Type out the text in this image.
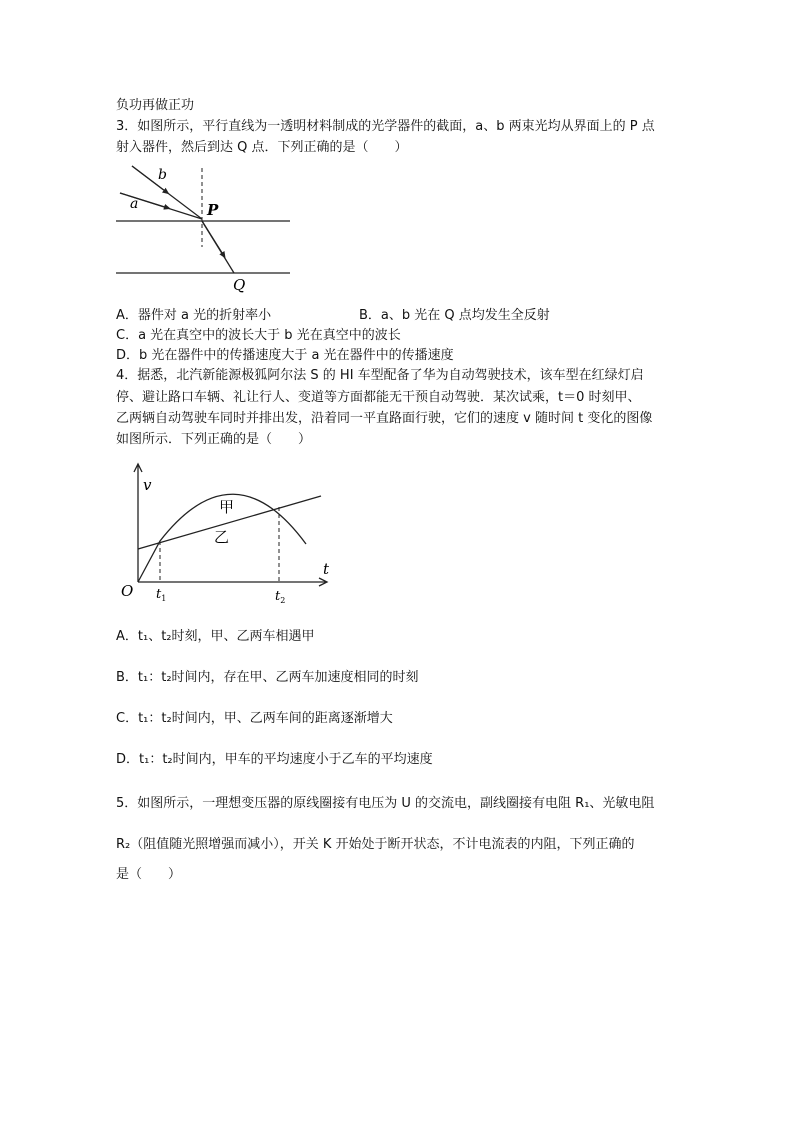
负功再做正功
3．如图所示，平行直线为一透明材料制成的光学器件的截面，a、b 两束光均从界面上的 P 点
射入器件，然后到达 Q 点．下列正确的是（　　）
b
a	P
Q
A．器件对 a 光的折射率小	B．a、b 光在 Q 点均发生全反射
C．a 光在真空中的波长大于 b 光在真空中的波长
D．b 光在器件中的传播速度大于 a 光在器件中的传播速度
4．据悉，北汽新能源极狐阿尔法 S 的 HI 车型配备了华为自动驾驶技术，该车型在红绿灯启
停、避让路口车辆、礼让行人、变道等方面都能无干预自动驾驶．某次试乘，t＝0 时刻甲、
乙两辆自动驾驶车同时并排出发，沿着同一平直路面行驶，它们的速度 v 随时间 t 变化的图像
如图所示．下列正确的是（　　）
v
t
O $t_1$	$t_2$
甲
乙
A．t₁、t₂时刻，甲、乙两车相遇甲
B．t₁：t₂时间内，存在甲、乙两车加速度相同的时刻
C．t₁：t₂时间内，甲、乙两车间的距离逐渐增大
D．t₁：t₂时间内，甲车的平均速度小于乙车的平均速度
5．如图所示，一理想变压器的原线圈接有电压为 U 的交流电，副线圈接有电阻 R₁、光敏电阻
R₂（阻值随光照增强而减小），开关 K 开始处于断开状态，不计电流表的内阻，下列正确的
是（　　）
